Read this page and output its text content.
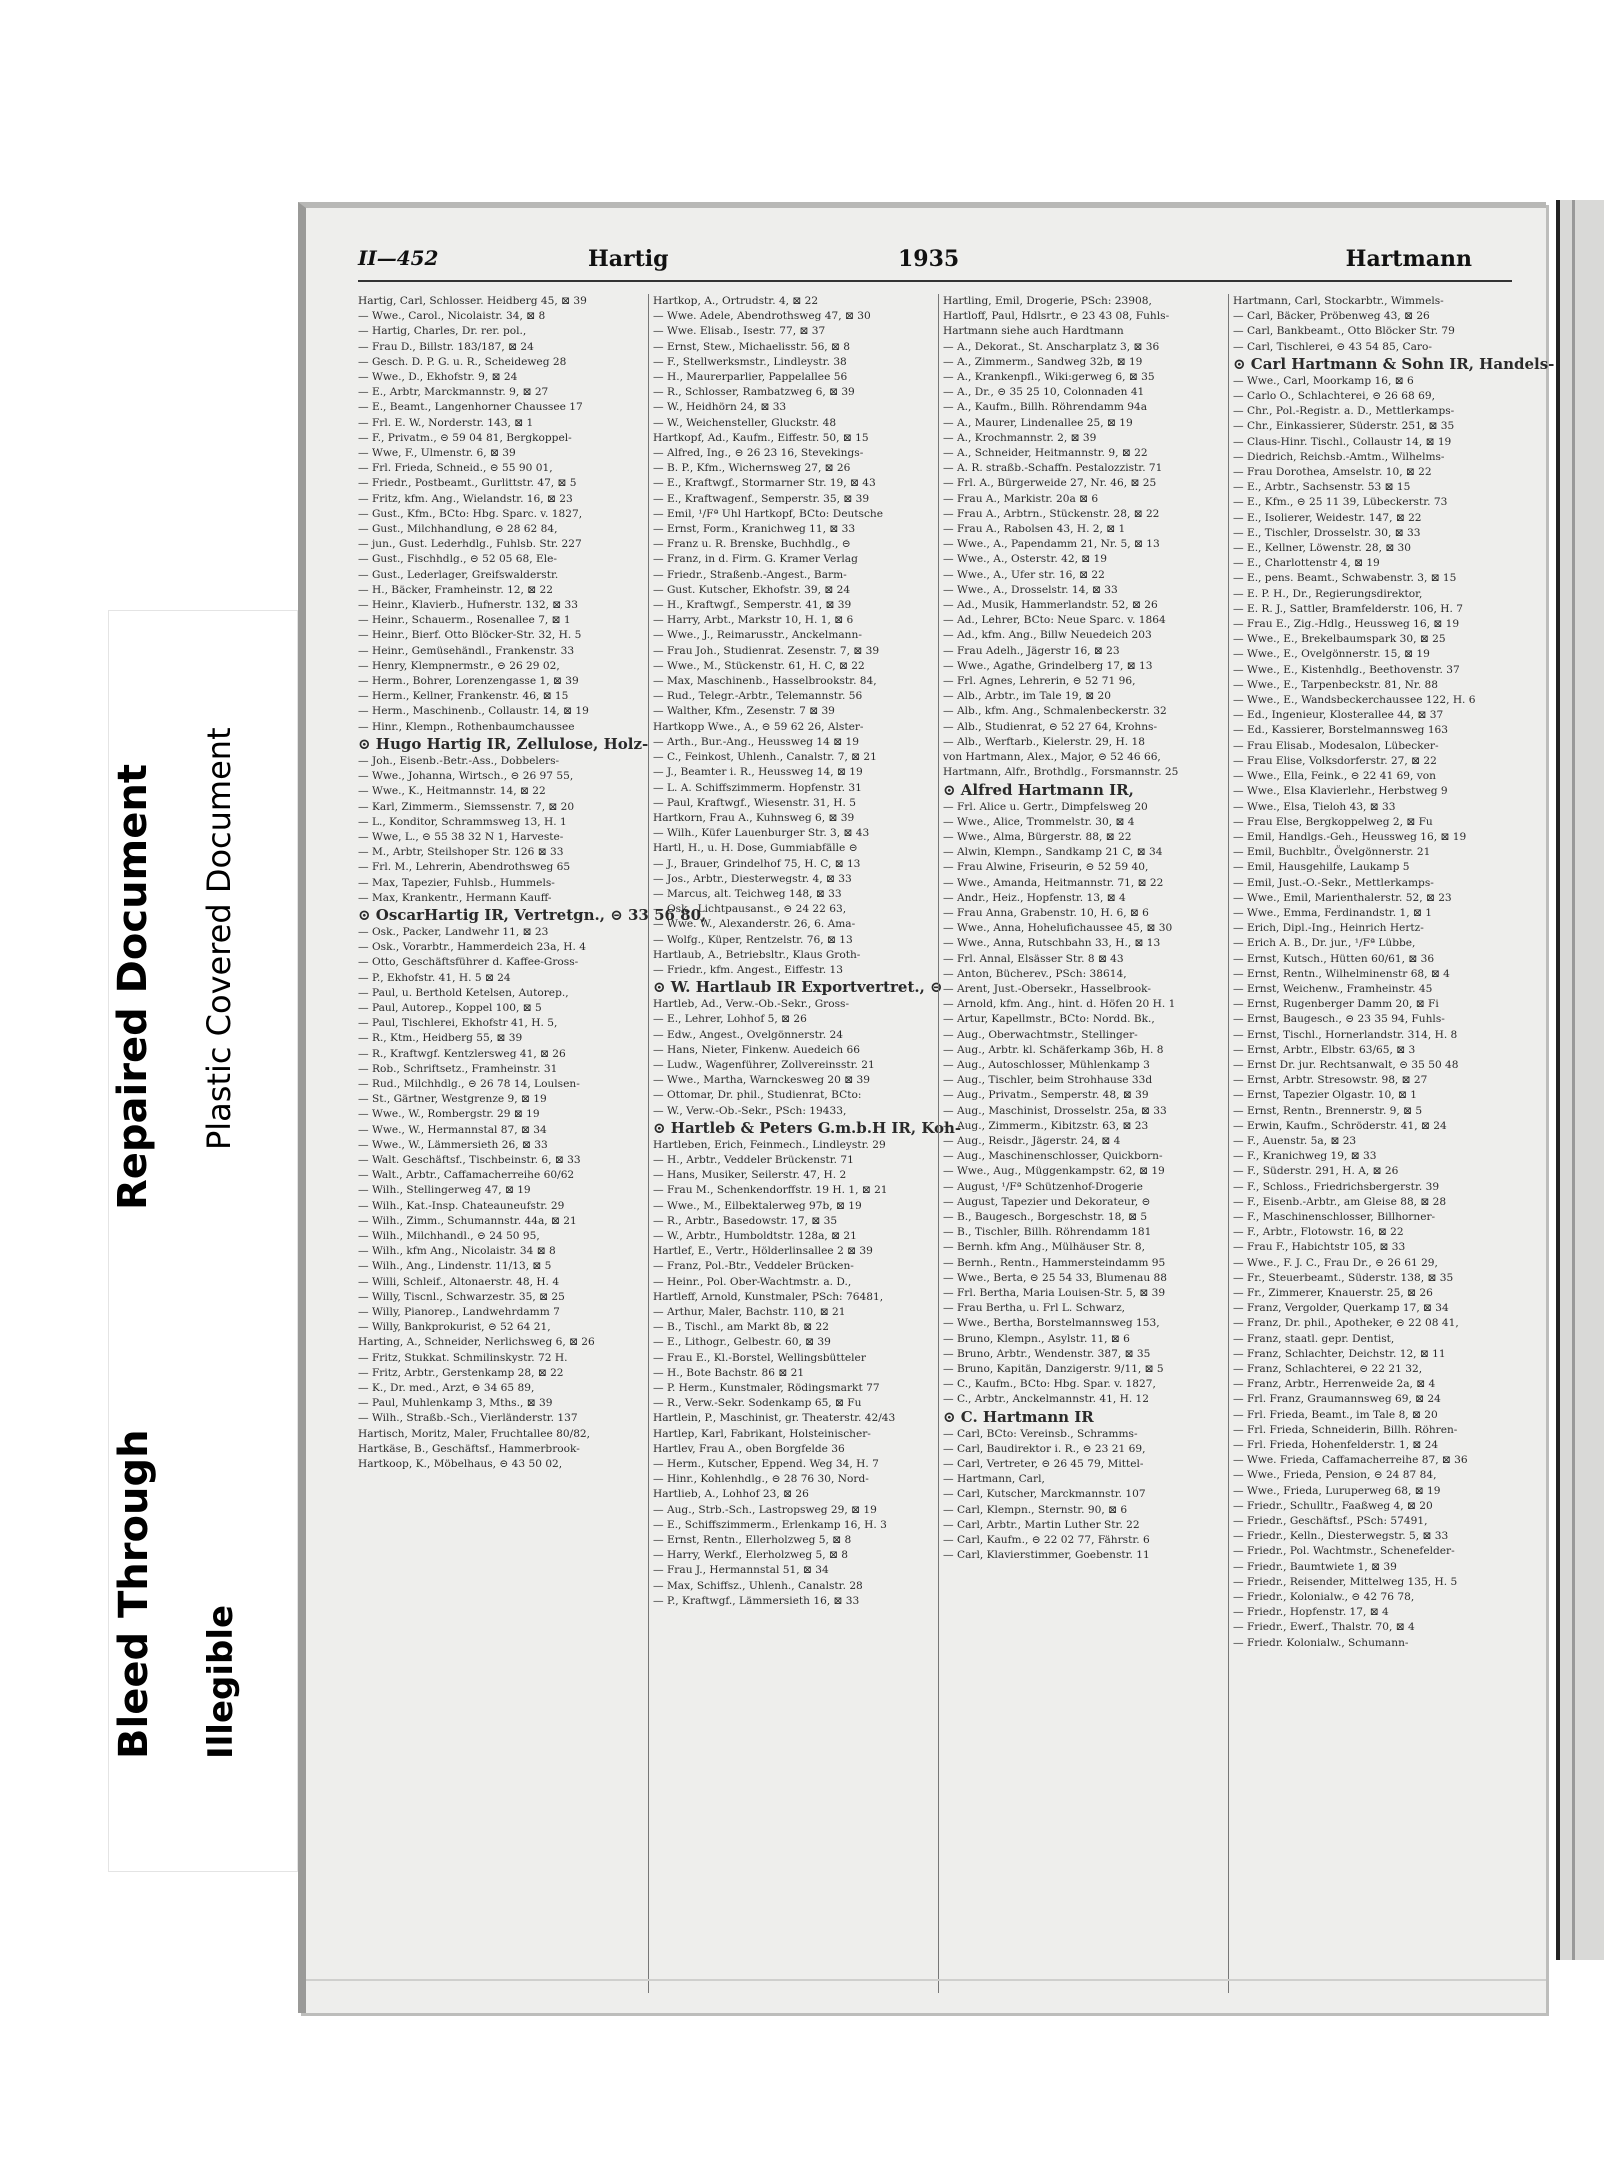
II—452	Hartig	1935	Hartmann
Hartig, Carl, Schlosser. Heidberg 45, ⊠ 39
— Wwe., Carol., Nicolaistr. 34, ⊠ 8
— Hartig, Charles, Dr. rer. pol.,
— Frau D., Billstr. 183/187, ⊠ 24
— Gesch. D. P. G. u. R., Scheideweg 28
— Wwe., D., Ekhofstr. 9, ⊠ 24
— E., Arbtr, Marckmannstr. 9, ⊠ 27
— E., Beamt., Langenhorner Chaussee 17
— Frl. E. W., Norderstr. 143, ⊠ 1
— F., Privatm., ⊝ 59 04 81, Bergkoppel-
— Wwe, F., Ulmenstr. 6, ⊠ 39
— Frl. Frieda, Schneid., ⊝ 55 90 01,
— Friedr., Postbeamt., Gurlittstr. 47, ⊠ 5
— Fritz, kfm. Ang., Wielandstr. 16, ⊠ 23
— Gust., Kfm., BCto: Hbg. Sparc. v. 1827,
— Gust., Milchhandlung, ⊝ 28 62 84,
— jun., Gust. Lederhdlg., Fuhlsb. Str. 227
— Gust., Fischhdlg., ⊝ 52 05 68, Ele-
— Gust., Lederlager, Greifswalderstr.
— H., Bäcker, Framheinstr. 12, ⊠ 22
— Heinr., Klavierb., Hufnerstr. 132, ⊠ 33
— Heinr., Schauerm., Rosenallee 7, ⊠ 1
— Heinr., Bierf. Otto Blöcker-Str. 32, H. 5
— Heinr., Gemüsehändl., Frankenstr. 33
— Henry, Klempnermstr., ⊝ 26 29 02,
— Herm., Bohrer, Lorenzengasse 1, ⊠ 39
— Herm., Kellner, Frankenstr. 46, ⊠ 15
— Herm., Maschinenb., Collaustr. 14, ⊠ 19
— Hinr., Klempn., Rothenbaumchaussee
⊙ Hugo Hartig IR, Zellulose, Holz-
— Joh., Eisenb.-Betr.-Ass., Dobbelers-
— Wwe., Johanna, Wirtsch., ⊝ 26 97 55,
— Wwe., K., Heitmannstr. 14, ⊠ 22
— Karl, Zimmerm., Siemssenstr. 7, ⊠ 20
— L., Konditor, Schrammsweg 13, H. 1
— Wwe, L., ⊝ 55 38 32 N 1, Harveste-
— M., Arbtr, Steilshoper Str. 126 ⊠ 33
— Frl. M., Lehrerin, Abendrothsweg 65
— Max, Tapezier, Fuhlsb., Hummels-
— Max, Krankentr., Hermann Kauff-
⊙ OscarHartig IR, Vertretgn., ⊝ 33 56 80,
— Osk., Packer, Landwehr 11, ⊠ 23
— Osk., Vorarbtr., Hammerdeich 23a, H. 4
— Otto, Geschäftsführer d. Kaffee-Gross-
— P., Ekhofstr. 41, H. 5 ⊠ 24
— Paul, u. Berthold Ketelsen, Autorep.,
— Paul, Autorep., Koppel 100, ⊠ 5
— Paul, Tischlerei, Ekhofstr 41, H. 5,
— R., Ktm., Heidberg 55, ⊠ 39
— R., Kraftwgf. Kentzlersweg 41, ⊠ 26
— Rob., Schriftsetz., Framheinstr. 31
— Rud., Milchhdlg., ⊝ 26 78 14, Loulsen-
— St., Gärtner, Westgrenze 9, ⊠ 19
— Wwe., W., Rombergstr. 29 ⊠ 19
— Wwe., W., Hermannstal 87, ⊠ 34
— Wwe., W., Lämmersieth 26, ⊠ 33
— Walt. Geschäftsf., Tischbeinstr. 6, ⊠ 33
— Walt., Arbtr., Caffamacherreihe 60/62
— Wilh., Stellingerweg 47, ⊠ 19
— Wilh., Kat.-Insp. Chateauneufstr. 29
— Wilh., Zimm., Schumannstr. 44a, ⊠ 21
— Wilh., Milchhandl., ⊝ 24 50 95,
— Wilh., kfm Ang., Nicolaistr. 34 ⊠ 8
— Wilh., Ang., Lindenstr. 11/13, ⊠ 5
— Willi, Schleif., Altonaerstr. 48, H. 4
— Willy, Tiscnl., Schwarzestr. 35, ⊠ 25
— Willy, Pianorep., Landwehrdamm 7
— Willy, Bankprokurist, ⊝ 52 64 21,
Harting, A., Schneider, Nerlichsweg 6, ⊠ 26
— Fritz, Stukkat. Schmilinskystr. 72 H.
— Fritz, Arbtr., Gerstenkamp 28, ⊠ 22
— K., Dr. med., Arzt, ⊝ 34 65 89,
— Paul, Muhlenkamp 3, Mths., ⊠ 39
— Wilh., Straßb.-Sch., Vierländerstr. 137
Hartisch, Moritz, Maler, Fruchtallee 80/82,
Hartkäse, B., Geschäftsf., Hammerbrook-
Hartkoop, K., Möbelhaus, ⊝ 43 50 02,
Hartkop, A., Ortrudstr. 4, ⊠ 22
— Wwe. Adele, Abendrothsweg 47, ⊠ 30
— Wwe. Elisab., Isestr. 77, ⊠ 37
— Ernst, Stew., Michaelisstr. 56, ⊠ 8
— F., Stellwerksmstr., Lindleystr. 38
— H., Maurerparlier, Pappelallee 56
— R., Schlosser, Rambatzweg 6, ⊠ 39
— W., Heidhörn 24, ⊠ 33
— W., Weichensteller, Gluckstr. 48
Hartkopf, Ad., Kaufm., Eiffestr. 50, ⊠ 15
— Alfred, Ing., ⊝ 26 23 16, Stevekings-
— B. P., Kfm., Wichernsweg 27, ⊠ 26
— E., Kraftwgf., Stormarner Str. 19, ⊠ 43
— E., Kraftwagenf., Semperstr. 35, ⊠ 39
— Emil, ¹/Fª Uhl Hartkopf, BCto: Deutsche
— Ernst, Form., Kranichweg 11, ⊠ 33
— Franz u. R. Brenske, Buchhdlg., ⊝
— Franz, in d. Firm. G. Kramer Verlag
— Friedr., Straßenb.-Angest., Barm-
— Gust. Kutscher, Ekhofstr. 39, ⊠ 24
— H., Kraftwgf., Semperstr. 41, ⊠ 39
— Harry, Arbt., Markstr 10, H. 1, ⊠ 6
— Wwe., J., Reimarusstr., Anckelmann-
— Frau Joh., Studienrat. Zesenstr. 7, ⊠ 39
— Wwe., M., Stückenstr. 61, H. C, ⊠ 22
— Max, Maschinenb., Hasselbrookstr. 84,
— Rud., Telegr.-Arbtr., Telemannstr. 56
— Walther, Kfm., Zesenstr. 7 ⊠ 39
Hartkopp Wwe., A., ⊝ 59 62 26, Alster-
— Arth., Bur.-Ang., Heussweg 14 ⊠ 19
— C., Feinkost, Uhlenh., Canalstr. 7, ⊠ 21
— J., Beamter i. R., Heussweg 14, ⊠ 19
— L. A. Schiffszimmerm. Hopfenstr. 31
— Paul, Kraftwgf., Wiesenstr. 31, H. 5
Hartkorn, Frau A., Kuhnsweg 6, ⊠ 39
— Wilh., Küfer Lauenburger Str. 3, ⊠ 43
Hartl, H., u. H. Dose, Gummiabfälle ⊝
— J., Brauer, Grindelhof 75, H. C, ⊠ 13
— Jos., Arbtr., Diesterwegstr. 4, ⊠ 33
— Marcus, alt. Teichweg 148, ⊠ 33
— Osk., Lichtpausanst., ⊝ 24 22 63,
— Wwe. W., Alexanderstr. 26, 6. Ama-
— Wolfg., Küper, Rentzelstr. 76, ⊠ 13
Hartlaub, A., Betriebsltr., Klaus Groth-
— Friedr., kfm. Angest., Eiffestr. 13
⊙ W. Hartlaub IR Exportvertret., ⊝
Hartleb, Ad., Verw.-Ob.-Sekr., Gross-
— E., Lehrer, Lohhof 5, ⊠ 26
— Edw., Angest., Ovelgönnerstr. 24
— Hans, Nieter, Finkenw. Auedeich 66
— Ludw., Wagenführer, Zollvereinsstr. 21
— Wwe., Martha, Warnckesweg 20 ⊠ 39
— Ottomar, Dr. phil., Studienrat, BCto:
— W., Verw.-Ob.-Sekr., PSch: 19433,
⊙ Hartleb & Peters G.m.b.H IR, Koh-
Hartleben, Erich, Feinmech., Lindleystr. 29
— H., Arbtr., Veddeler Brückenstr. 71
— Hans, Musiker, Seilerstr. 47, H. 2
— Frau M., Schenkendorffstr. 19 H. 1, ⊠ 21
— Wwe., M., Eilbektalerweg 97b, ⊠ 19
— R., Arbtr., Basedowstr. 17, ⊠ 35
— W., Arbtr., Humboldtstr. 128a, ⊠ 21
Hartlef, E., Vertr., Hölderlinsallee 2 ⊠ 39
— Franz, Pol.-Btr., Veddeler Brücken-
— Heinr., Pol. Ober-Wachtmstr. a. D.,
Hartleff, Arnold, Kunstmaler, PSch: 76481,
— Arthur, Maler, Bachstr. 110, ⊠ 21
— B., Tischl., am Markt 8b, ⊠ 22
— E., Lithogr., Gelbestr. 60, ⊠ 39
— Frau E., Kl.-Borstel, Wellingsbütteler
— H., Bote Bachstr. 86 ⊠ 21
— P. Herm., Kunstmaler, Rödingsmarkt 77
— R., Verw.-Sekr. Sodenkamp 65, ⊠ Fu
Hartlein, P., Maschinist, gr. Theaterstr. 42/43
Hartlep, Karl, Fabrikant, Holsteinischer-
Hartlev, Frau A., oben Borgfelde 36
— Herm., Kutscher, Eppend. Weg 34, H. 7
— Hinr., Kohlenhdlg., ⊝ 28 76 30, Nord-
Hartlieb, A., Lohhof 23, ⊠ 26
— Aug., Strb.-Sch., Lastropsweg 29, ⊠ 19
— E., Schiffszimmerm., Erlenkamp 16, H. 3
— Ernst, Rentn., Ellerholzweg 5, ⊠ 8
— Harry, Werkf., Elerholzweg 5, ⊠ 8
— Frau J., Hermannstal 51, ⊠ 34
— Max, Schiffsz., Uhlenh., Canalstr. 28
— P., Kraftwgf., Lämmersieth 16, ⊠ 33
Hartling, Emil, Drogerie, PSch: 23908,
Hartloff, Paul, Hdlsrtr., ⊝ 23 43 08, Fuhls-
Hartmann siehe auch Hardtmann
— A., Dekorat., St. Anscharplatz 3, ⊠ 36
— A., Zimmerm., Sandweg 32b, ⊠ 19
— A., Krankenpfl., Wiki:gerweg 6, ⊠ 35
— A., Dr., ⊝ 35 25 10, Colonnaden 41
— A., Kaufm., Billh. Röhrendamm 94a
— A., Maurer, Lindenallee 25, ⊠ 19
— A., Krochmannstr. 2, ⊠ 39
— A., Schneider, Heitmannstr. 9, ⊠ 22
— A. R. straßb.-Schaffn. Pestalozzistr. 71
— Frl. A., Bürgerweide 27, Nr. 46, ⊠ 25
— Frau A., Markistr. 20a ⊠ 6
— Frau A., Arbtrn., Stückenstr. 28, ⊠ 22
— Frau A., Rabolsen 43, H. 2, ⊠ 1
— Wwe., A., Papendamm 21, Nr. 5, ⊠ 13
— Wwe., A., Osterstr. 42, ⊠ 19
— Wwe., A., Ufer str. 16, ⊠ 22
— Wwe., A., Drosselstr. 14, ⊠ 33
— Ad., Musik, Hammerlandstr. 52, ⊠ 26
— Ad., Lehrer, BCto: Neue Sparc. v. 1864
— Ad., kfm. Ang., Billw Neuedeich 203
— Frau Adelh., Jägerstr 16, ⊠ 23
— Wwe., Agathe, Grindelberg 17, ⊠ 13
— Frl. Agnes, Lehrerin, ⊝ 52 71 96,
— Alb., Arbtr., im Tale 19, ⊠ 20
— Alb., kfm. Ang., Schmalenbeckerstr. 32
— Alb., Studienrat, ⊝ 52 27 64, Krohns-
— Alb., Werftarb., Kielerstr. 29, H. 18
von Hartmann, Alex., Major, ⊝ 52 46 66,
Hartmann, Alfr., Brothdlg., Forsmannstr. 25
⊙ Alfred Hartmann IR,
— Frl. Alice u. Gertr., Dimpfelsweg 20
— Wwe., Alice, Trommelstr. 30, ⊠ 4
— Wwe., Alma, Bürgerstr. 88, ⊠ 22
— Alwin, Klempn., Sandkamp 21 C, ⊠ 34
— Frau Alwine, Friseurin, ⊝ 52 59 40,
— Wwe., Amanda, Heitmannstr. 71, ⊠ 22
— Andr., Heiz., Hopfenstr. 13, ⊠ 4
— Frau Anna, Grabenstr. 10, H. 6, ⊠ 6
— Wwe., Anna, Hohelufichaussee 45, ⊠ 30
— Wwe., Anna, Rutschbahn 33, H., ⊠ 13
— Frl. Annal, Elsässer Str. 8 ⊠ 43
— Anton, Bücherev., PSch: 38614,
— Arent, Just.-Obersekr., Hasselbrook-
— Arnold, kfm. Ang., hint. d. Höfen 20 H. 1
— Artur, Kapellmstr., BCto: Nordd. Bk.,
— Aug., Oberwachtmstr., Stellinger-
— Aug., Arbtr. kl. Schäferkamp 36b, H. 8
— Aug., Autoschlosser, Mühlenkamp 3
— Aug., Tischler, beim Strohhause 33d
— Aug., Privatm., Semperstr. 48, ⊠ 39
— Aug., Maschinist, Drosselstr. 25a, ⊠ 33
— Aug., Zimmerm., Kibitzstr. 63, ⊠ 23
— Aug., Reisdr., Jägerstr. 24, ⊠ 4
— Aug., Maschinenschlosser, Quickborn-
— Wwe., Aug., Müggenkampstr. 62, ⊠ 19
— August, ¹/Fª Schützenhof-Drogerie
— August, Tapezier und Dekorateur, ⊝
— B., Baugesch., Borgeschstr. 18, ⊠ 5
— B., Tischler, Billh. Röhrendamm 181
— Bernh. kfm Ang., Mülhäuser Str. 8,
— Bernh., Rentn., Hammersteindamm 95
— Wwe., Berta, ⊝ 25 54 33, Blumenau 88
— Frl. Bertha, Maria Louisen-Str. 5, ⊠ 39
— Frau Bertha, u. Frl L. Schwarz,
— Wwe., Bertha, Borstelmannsweg 153,
— Bruno, Klempn., Asylstr. 11, ⊠ 6
— Bruno, Arbtr., Wendenstr. 387, ⊠ 35
— Bruno, Kapitän, Danzigerstr. 9/11, ⊠ 5
— C., Kaufm., BCto: Hbg. Spar. v. 1827,
— C., Arbtr., Anckelmannstr. 41, H. 12
⊙ C. Hartmann IR
— Carl, BCto: Vereinsb., Schramms-
— Carl, Baudirektor i. R., ⊝ 23 21 69,
— Carl, Vertreter, ⊝ 26 45 79, Mittel-
— Hartmann, Carl,
— Carl, Kutscher, Marckmannstr. 107
— Carl, Klempn., Sternstr. 90, ⊠ 6
— Carl, Arbtr., Martin Luther Str. 22
— Carl, Kaufm., ⊝ 22 02 77, Fährstr. 6
— Carl, Klavierstimmer, Goebenstr. 11
Hartmann, Carl, Stockarbtr., Wimmels-
— Carl, Bäcker, Pröbenweg 43, ⊠ 26
— Carl, Bankbeamt., Otto Blöcker Str. 79
— Carl, Tischlerei, ⊝ 43 54 85, Caro-
⊙ Carl Hartmann & Sohn IR, Handels-
— Wwe., Carl, Moorkamp 16, ⊠ 6
— Carlo O., Schlachterei, ⊝ 26 68 69,
— Chr., Pol.-Registr. a. D., Mettlerkamps-
— Chr., Einkassierer, Süderstr. 251, ⊠ 35
— Claus-Hinr. Tischl., Collaustr 14, ⊠ 19
— Diedrich, Reichsb.-Amtm., Wilhelms-
— Frau Dorothea, Amselstr. 10, ⊠ 22
— E., Arbtr., Sachsenstr. 53 ⊠ 15
— E., Kfm., ⊝ 25 11 39, Lübeckerstr. 73
— E., Isolierer, Weidestr. 147, ⊠ 22
— E., Tischler, Drosselstr. 30, ⊠ 33
— E., Kellner, Löwenstr. 28, ⊠ 30
— E., Charlottenstr 4, ⊠ 19
— E., pens. Beamt., Schwabenstr. 3, ⊠ 15
— E. P. H., Dr., Regierungsdirektor,
— E. R. J., Sattler, Bramfelderstr. 106, H. 7
— Frau E., Zig.-Hdlg., Heussweg 16, ⊠ 19
— Wwe., E., Brekelbaumspark 30, ⊠ 25
— Wwe., E., Ovelgönnerstr. 15, ⊠ 19
— Wwe., E., Kistenhdlg., Beethovenstr. 37
— Wwe., E., Tarpenbeckstr. 81, Nr. 88
— Wwe., E., Wandsbeckerchaussee 122, H. 6
— Ed., Ingenieur, Klosterallee 44, ⊠ 37
— Ed., Kassierer, Borstelmannsweg 163
— Frau Elisab., Modesalon, Lübecker-
— Frau Elise, Volksdorferstr. 27, ⊠ 22
— Wwe., Ella, Feink., ⊝ 22 41 69, von
— Wwe., Elsa Klavierlehr., Herbstweg 9
— Wwe., Elsa, Tieloh 43, ⊠ 33
— Frau Else, Bergkoppelweg 2, ⊠ Fu
— Emil, Handlgs.-Geh., Heussweg 16, ⊠ 19
— Emil, Buchbltr., Övelgönnerstr. 21
— Emil, Hausgehilfe, Laukamp 5
— Emil, Just.-O.-Sekr., Mettlerkamps-
— Wwe., Emil, Marienthalerstr. 52, ⊠ 23
— Wwe., Emma, Ferdinandstr. 1, ⊠ 1
— Erich, Dipl.-Ing., Heinrich Hertz-
— Erich A. B., Dr. jur., ¹/Fª Lübbe,
— Ernst, Kutsch., Hütten 60/61, ⊠ 36
— Ernst, Rentn., Wilhelminenstr 68, ⊠ 4
— Ernst, Weichenw., Framheinstr. 45
— Ernst, Rugenberger Damm 20, ⊠ Fi
— Ernst, Baugesch., ⊝ 23 35 94, Fuhls-
— Ernst, Tischl., Hornerlandstr. 314, H. 8
— Ernst, Arbtr., Elbstr. 63/65, ⊠ 3
— Ernst Dr. jur. Rechtsanwalt, ⊝ 35 50 48
— Ernst, Arbtr. Stresowstr. 98, ⊠ 27
— Ernst, Tapezier Olgastr. 10, ⊠ 1
— Ernst, Rentn., Brennerstr. 9, ⊠ 5
— Erwin, Kaufm., Schröderstr. 41, ⊠ 24
— F., Auenstr. 5a, ⊠ 23
— F., Kranichweg 19, ⊠ 33
— F., Süderstr. 291, H. A, ⊠ 26
— F., Schloss., Friedrichsbergerstr. 39
— F., Eisenb.-Arbtr., am Gleise 88, ⊠ 28
— F., Maschinenschlosser, Billhorner-
— F., Arbtr., Flotowstr. 16, ⊠ 22
— Frau F., Habichtstr 105, ⊠ 33
— Wwe., F. J. C., Frau Dr., ⊝ 26 61 29,
— Fr., Steuerbeamt., Süderstr. 138, ⊠ 35
— Fr., Zimmerer, Knauerstr. 25, ⊠ 26
— Franz, Vergolder, Querkamp 17, ⊠ 34
— Franz, Dr. phil., Apotheker, ⊝ 22 08 41,
— Franz, staatl. gepr. Dentist,
— Franz, Schlachter, Deichstr. 12, ⊠ 11
— Franz, Schlachterei, ⊝ 22 21 32,
— Franz, Arbtr., Herrenweide 2a, ⊠ 4
— Frl. Franz, Graumannsweg 69, ⊠ 24
— Frl. Frieda, Beamt., im Tale 8, ⊠ 20
— Frl. Frieda, Schneiderin, Billh. Röhren-
— Frl. Frieda, Hohenfelderstr. 1, ⊠ 24
— Wwe. Frieda, Caffamacherreihe 87, ⊠ 36
— Wwe., Frieda, Pension, ⊝ 24 87 84,
— Wwe., Frieda, Luruperweg 68, ⊠ 19
— Friedr., Schulltr., Faaßweg 4, ⊠ 20
— Friedr., Geschäftsf., PSch: 57491,
— Friedr., Kelln., Diesterwegstr. 5, ⊠ 33
— Friedr., Pol. Wachtmstr., Schenefelder-
— Friedr., Baumtwiete 1, ⊠ 39
— Friedr., Reisender, Mittelweg 135, H. 5
— Friedr., Kolonialw., ⊝ 42 76 78,
— Friedr., Hopfenstr. 17, ⊠ 4
— Friedr., Ewerf., Thalstr. 70, ⊠ 4
— Friedr. Kolonialw., Schumann-
Bleed Through Illegible
Repaired Document Plastic Covered Document
